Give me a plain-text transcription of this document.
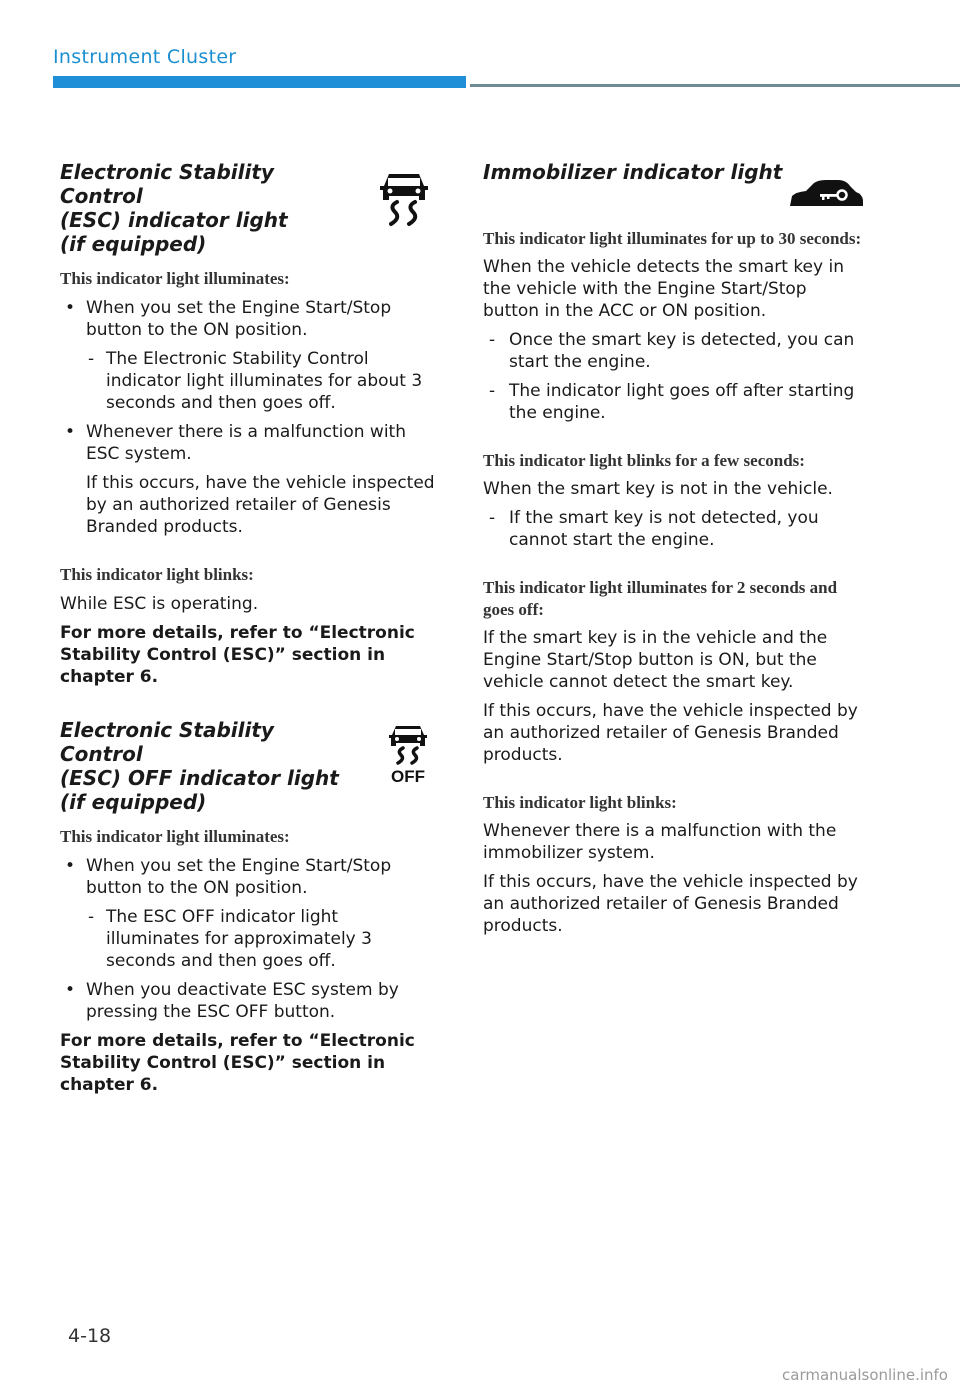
Instrument Cluster
Electronic Stability Control
(ESC) indicator light
(if equipped)

This indicator light illuminates:

• When you set the Engine Start/Stop button to the ON position.

- The Electronic Stability Control indicator light illuminates for about 3 seconds and then goes off.

• Whenever there is a malfunction with ESC system.

If this occurs, have the vehicle inspected by an authorized retailer of Genesis Branded products.

This indicator light blinks:

While ESC is operating.

For more details, refer to “Electronic Stability Control (ESC)” section in chapter 6.

Electronic Stability Control
(ESC) OFF indicator light
(if equipped)
OFF

This indicator light illuminates:

• When you set the Engine Start/Stop button to the ON position.

- The ESC OFF indicator light illuminates for approximately 3 seconds and then goes off.

• When you deactivate ESC system by pressing the ESC OFF button.

For more details, refer to “Electronic Stability Control (ESC)” section in chapter 6.

Immobilizer indicator light

This indicator light illuminates for up to 30 seconds:

When the vehicle detects the smart key in the vehicle with the Engine Start/Stop button in the ACC or ON position.

- Once the smart key is detected, you can start the engine.

- The indicator light goes off after starting the engine.

This indicator light blinks for a few seconds:

When the smart key is not in the vehicle.

- If the smart key is not detected, you cannot start the engine.

This indicator light illuminates for 2 seconds and goes off:

If the smart key is in the vehicle and the Engine Start/Stop button is ON, but the vehicle cannot detect the smart key.

If this occurs, have the vehicle inspected by an authorized retailer of Genesis Branded products.

This indicator light blinks:

Whenever there is a malfunction with the immobilizer system.

If this occurs, have the vehicle inspected by an authorized retailer of Genesis Branded products.

4-18
carmanualsonline.info
